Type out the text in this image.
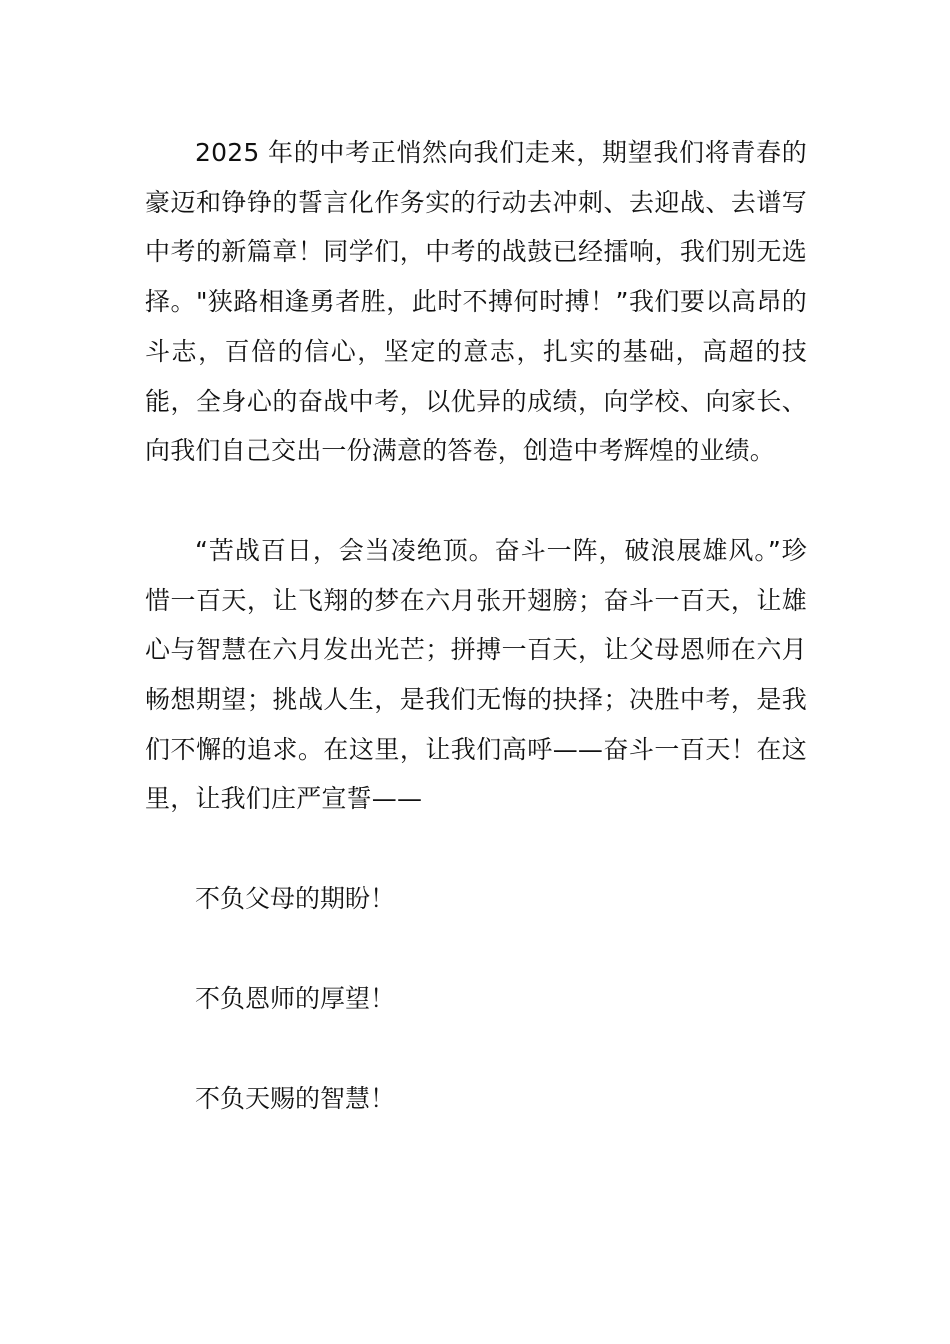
2025 年的中考正悄然向我们走来，期望我们将青春的豪迈和铮铮的誓言化作务实的行动去冲刺、去迎战、去谱写中考的新篇章！同学们，中考的战鼓已经擂响，我们别无选择。"狭路相逢勇者胜，此时不搏何时搏！”我们要以高昂的斗志，百倍的信心，坚定的意志，扎实的基础，高超的技能，全身心的奋战中考，以优异的成绩，向学校、向家长、向我们自己交出一份满意的答卷，创造中考辉煌的业绩。

“苦战百日，会当凌绝顶。奋斗一阵，破浪展雄风。”珍惜一百天，让飞翔的梦在六月张开翅膀；奋斗一百天，让雄心与智慧在六月发出光芒；拼搏一百天，让父母恩师在六月畅想期望；挑战人生，是我们无悔的抉择；决胜中考，是我们不懈的追求。在这里，让我们高呼——奋斗一百天！在这里，让我们庄严宣誓——

不负父母的期盼！

不负恩师的厚望！

不负天赐的智慧！
